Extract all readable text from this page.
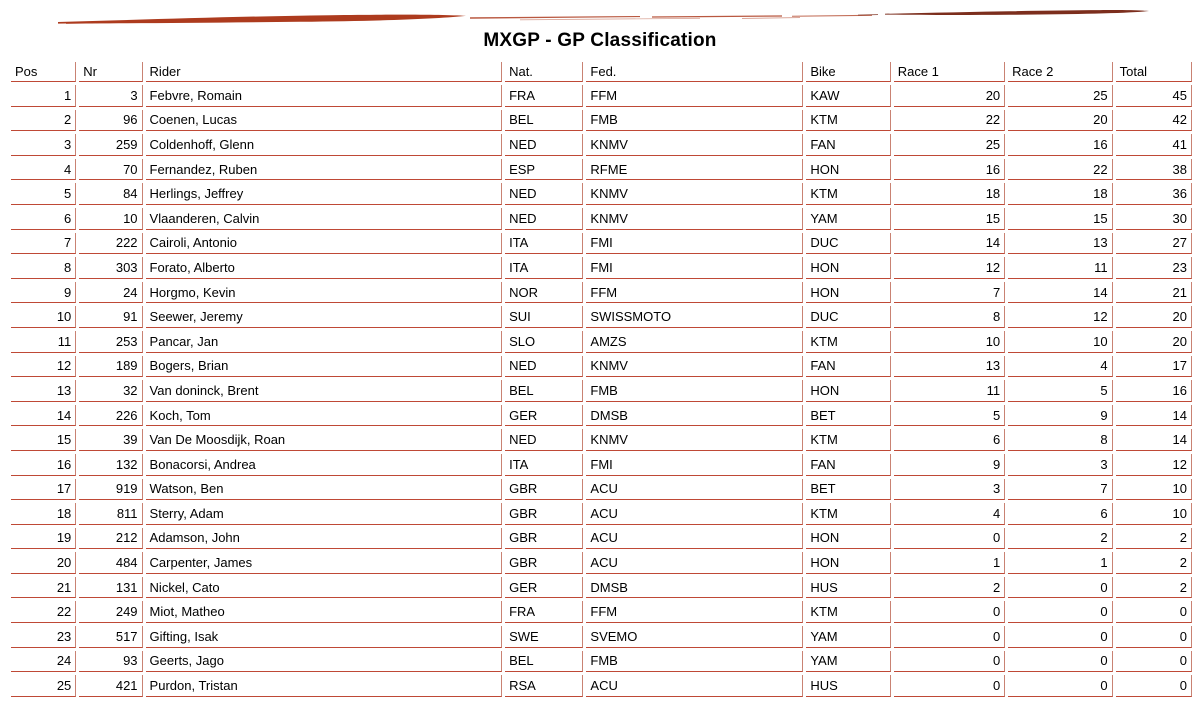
MXGP - GP Classification
Pos	Nr	Rider	Nat.	Fed.	Bike	Race 1	Race 2	Total
1	3	Febvre, Romain	FRA	FFM	KAW	20	25	45
2	96	Coenen, Lucas	BEL	FMB	KTM	22	20	42
3	259	Coldenhoff, Glenn	NED	KNMV	FAN	25	16	41
4	70	Fernandez, Ruben	ESP	RFME	HON	16	22	38
5	84	Herlings, Jeffrey	NED	KNMV	KTM	18	18	36
6	10	Vlaanderen, Calvin	NED	KNMV	YAM	15	15	30
7	222	Cairoli, Antonio	ITA	FMI	DUC	14	13	27
8	303	Forato, Alberto	ITA	FMI	HON	12	11	23
9	24	Horgmo, Kevin	NOR	FFM	HON	7	14	21
10	91	Seewer, Jeremy	SUI	SWISSMOTO	DUC	8	12	20
11	253	Pancar, Jan	SLO	AMZS	KTM	10	10	20
12	189	Bogers, Brian	NED	KNMV	FAN	13	4	17
13	32	Van doninck, Brent	BEL	FMB	HON	11	5	16
14	226	Koch, Tom	GER	DMSB	BET	5	9	14
15	39	Van De Moosdijk, Roan	NED	KNMV	KTM	6	8	14
16	132	Bonacorsi, Andrea	ITA	FMI	FAN	9	3	12
17	919	Watson, Ben	GBR	ACU	BET	3	7	10
18	811	Sterry, Adam	GBR	ACU	KTM	4	6	10
19	212	Adamson, John	GBR	ACU	HON	0	2	2
20	484	Carpenter, James	GBR	ACU	HON	1	1	2
21	131	Nickel, Cato	GER	DMSB	HUS	2	0	2
22	249	Miot, Matheo	FRA	FFM	KTM	0	0	0
23	517	Gifting, Isak	SWE	SVEMO	YAM	0	0	0
24	93	Geerts, Jago	BEL	FMB	YAM	0	0	0
25	421	Purdon, Tristan	RSA	ACU	HUS	0	0	0
